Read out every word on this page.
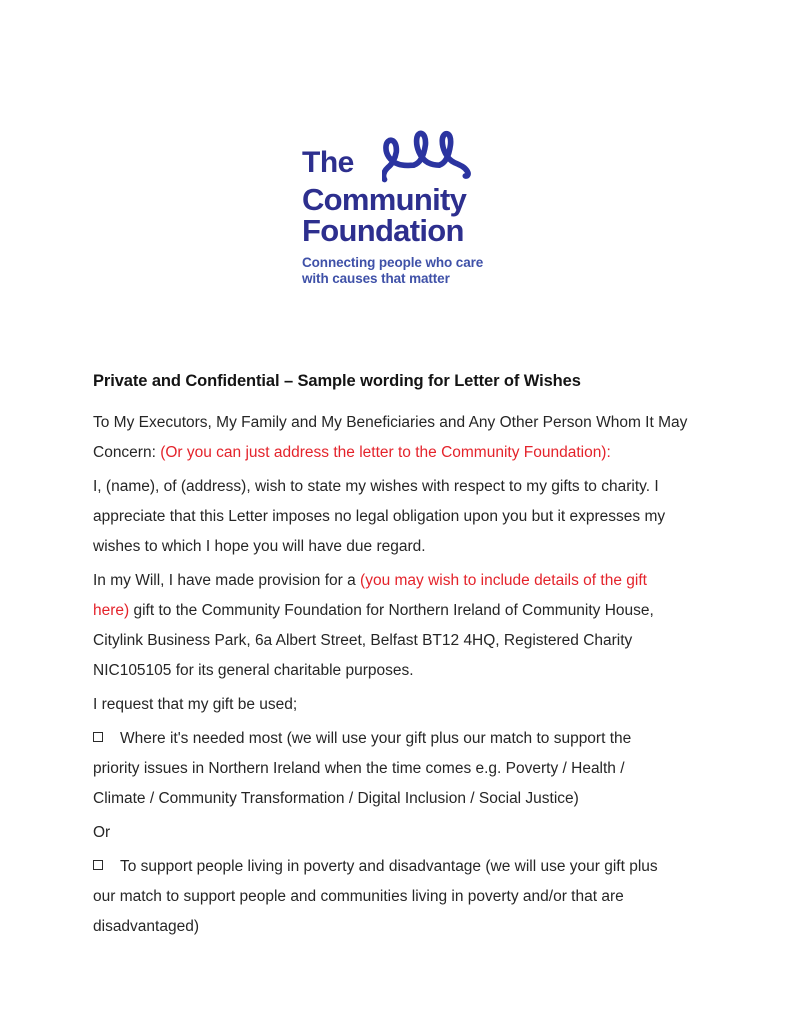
The
Community
Foundation
Connecting people who care
with causes that matter
Private and Confidential – Sample wording for Letter of Wishes

To My Executors, My Family and My Beneficiaries and Any Other Person Whom It May
Concern: (Or you can just address the letter to the Community Foundation):

I, (name), of (address), wish to state my wishes with respect to my gifts to charity. I
appreciate that this Letter imposes no legal obligation upon you but it expresses my
wishes to which I hope you will have due regard.

In my Will, I have made provision for a (you may wish to include details of the gift
here) gift to the Community Foundation for Northern Ireland of Community House,
Citylink Business Park, 6a Albert Street, Belfast BT12 4HQ, Registered Charity
NIC105105 for its general charitable purposes.

I request that my gift be used;

Where it's needed most (we will use your gift plus our match to support the
priority issues in Northern Ireland when the time comes e.g. Poverty / Health /
Climate / Community Transformation / Digital Inclusion / Social Justice)

Or

To support people living in poverty and disadvantage (we will use your gift plus
our match to support people and communities living in poverty and/or that are
disadvantaged)
